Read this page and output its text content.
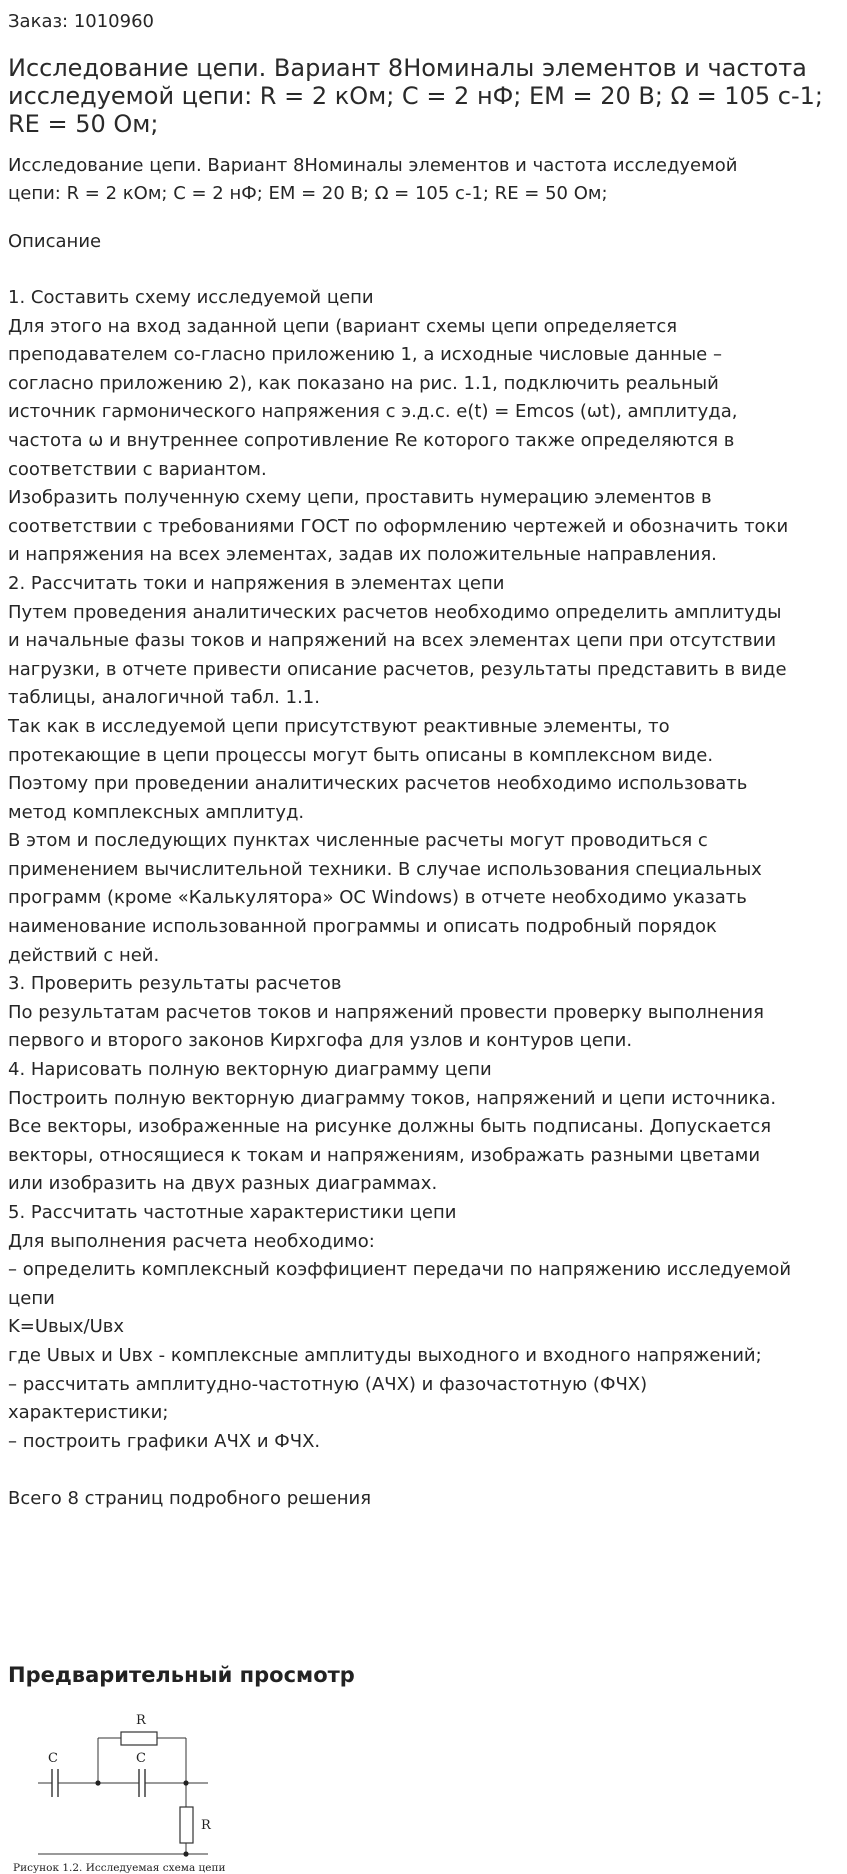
Заказ: 1010960
Исследование цепи. Вариант 8Номиналы элементов и частота
исследуемой цепи: R = 2 кОм; С = 2 нФ; EM = 20 B; Ω = 105 с-1;
RE = 50 Ом;

Исследование цепи. Вариант 8Номиналы элементов и частота исследуемой
цепи: R = 2 кОм; С = 2 нФ; EM = 20 B; Ω = 105 с-1; RE = 50 Ом;

Описание
1. Составить схему исследуемой цепи
Для этого на вход заданной цепи (вариант схемы цепи определяется
преподавателем со-гласно приложению 1, а исходные числовые данные –
согласно приложению 2), как показано на рис. 1.1, подключить реальный
источник гармонического напряжения с э.д.с. e(t) = Emcos (ωt), амплитуда,
частота ω и внутреннее сопротивление Re которого также определяются в
соответствии с вариантом.
Изобразить полученную схему цепи, проставить нумерацию элементов в
соответствии с требованиями ГОСТ по оформлению чертежей и обозначить токи
и напряжения на всех элементах, задав их положительные направления.
2. Рассчитать токи и напряжения в элементах цепи
Путем проведения аналитических расчетов необходимо определить амплитуды
и начальные фазы токов и напряжений на всех элементах цепи при отсутствии
нагрузки, в отчете привести описание расчетов, результаты представить в виде
таблицы, аналогичной табл. 1.1.
Так как в исследуемой цепи присутствуют реактивные элементы, то
протекающие в цепи процессы могут быть описаны в комплексном виде.
Поэтому при проведении аналитических расчетов необходимо использовать
метод комплексных амплитуд.
В этом и последующих пунктах численные расчеты могут проводиться с
применением вычислительной техники. В случае использования специальных
программ (кроме «Калькулятора» ОС Windows) в отчете необходимо указать
наименование использованной программы и описать подробный порядок
действий с ней.
3. Проверить результаты расчетов
По результатам расчетов токов и напряжений провести проверку выполнения
первого и второго законов Кирхгофа для узлов и контуров цепи.
4. Нарисовать полную векторную диаграмму цепи
Построить полную векторную диаграмму токов, напряжений и цепи источника.
Все векторы, изображенные на рисунке должны быть подписаны. Допускается
векторы, относящиеся к токам и напряжениям, изображать разными цветами
или изобразить на двух разных диаграммах.
5. Рассчитать частотные характеристики цепи
Для выполнения расчета необходимо:
– определить комплексный коэффициент передачи по напряжению исследуемой
цепи
K=Uвых/Uвх
где Uвых и Uвх - комплексные амплитуды выходного и входного напряжений;
– рассчитать амплитудно-частотную (АЧХ) и фазочастотную (ФЧХ)
характеристики;
– построить графики АЧХ и ФЧХ.
Всего 8 страниц подробного решения
Предварительный просмотр
R
C	C
R
Рисунок 1.2. Исследуемая схема цепи
